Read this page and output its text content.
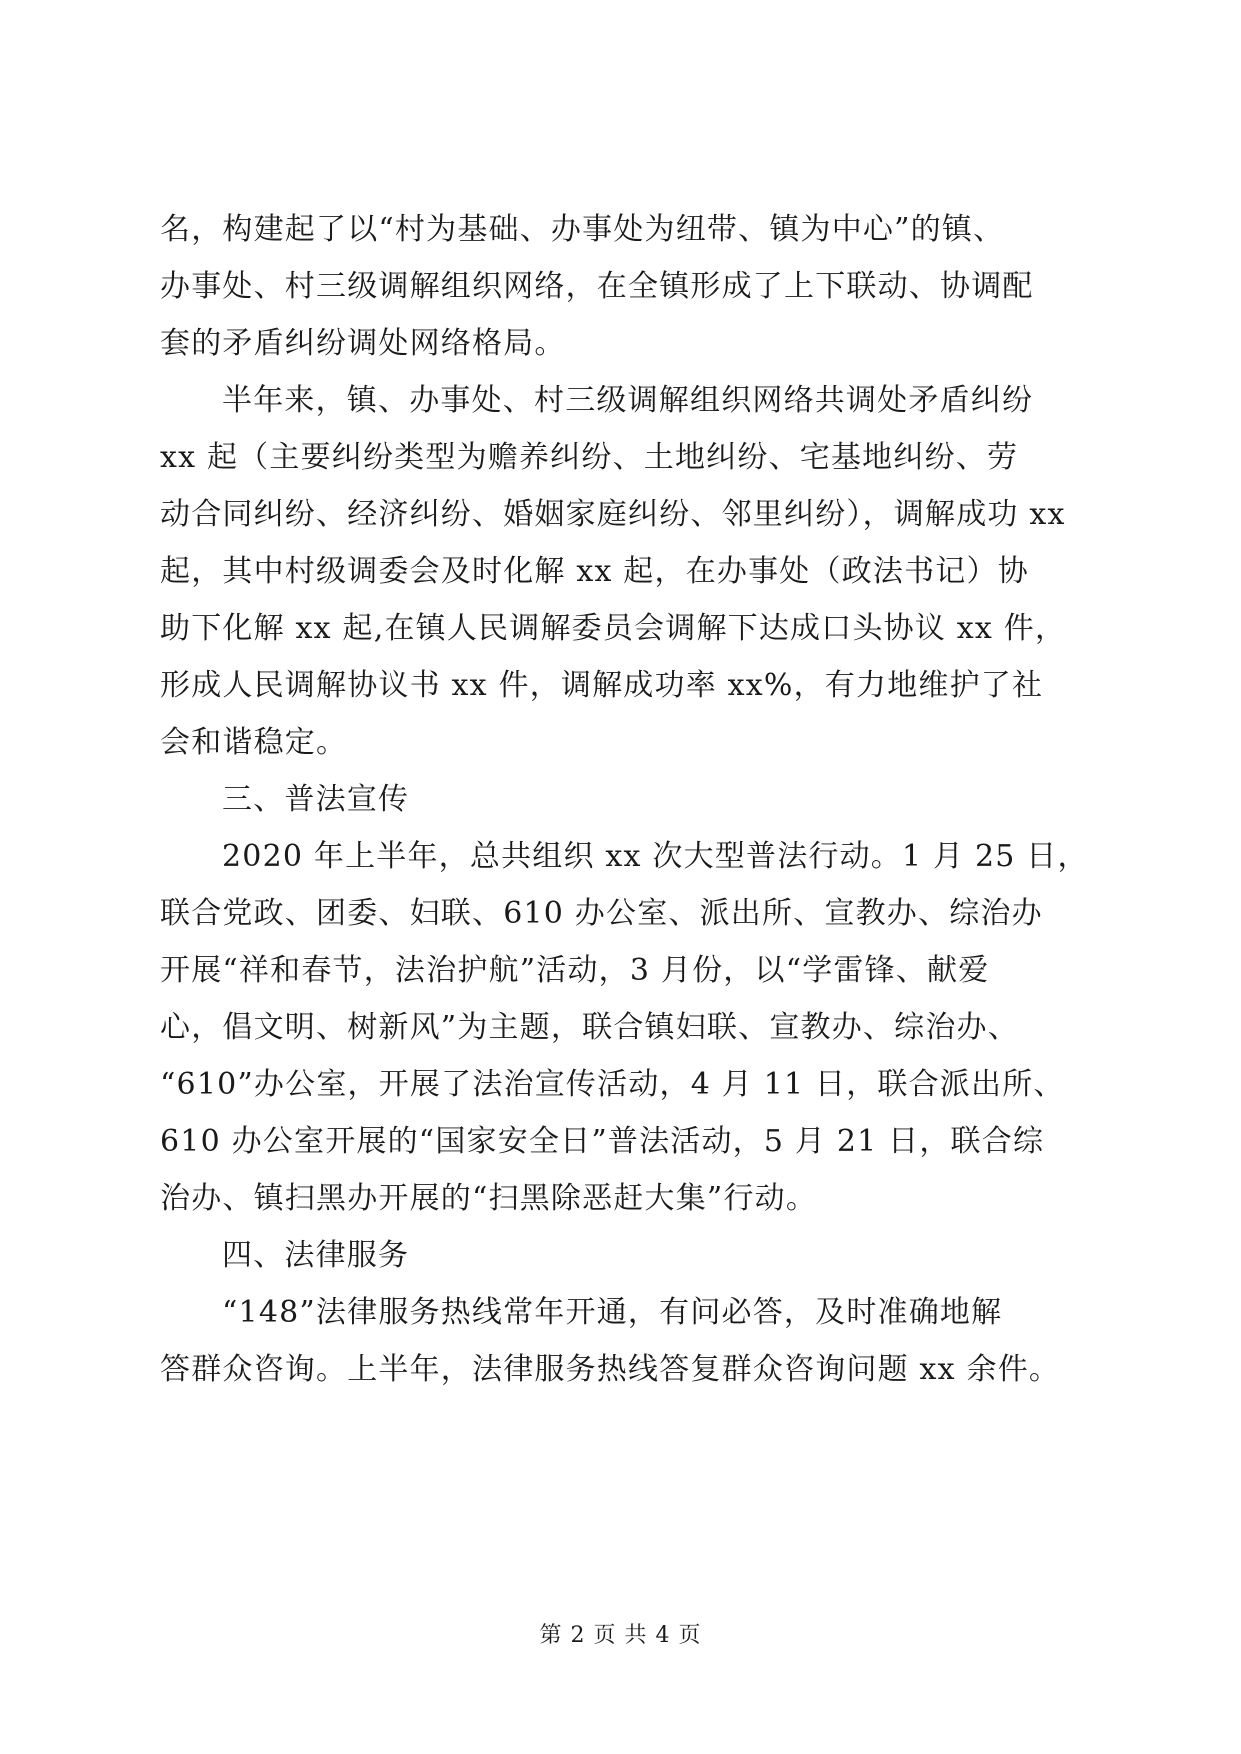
名，构建起了以“村为基础、办事处为纽带、镇为中心”的镇、
办事处、村三级调解组织网络，在全镇形成了上下联动、协调配
套的矛盾纠纷调处网络格局。
半年来，镇、办事处、村三级调解组织网络共调处矛盾纠纷
xx 起（主要纠纷类型为赡养纠纷、土地纠纷、宅基地纠纷、劳
动合同纠纷、经济纠纷、婚姻家庭纠纷、邻里纠纷），调解成功 xx
起，其中村级调委会及时化解 xx 起，在办事处（政法书记）协
助下化解 xx 起,在镇人民调解委员会调解下达成口头协议 xx 件，
形成人民调解协议书 xx 件，调解成功率 xx%，有力地维护了社
会和谐稳定。
三、普法宣传
2020 年上半年，总共组织 xx 次大型普法行动。1 月 25 日，
联合党政、团委、妇联、610 办公室、派出所、宣教办、综治办
开展“祥和春节，法治护航”活动，3 月份，以“学雷锋、献爱
心，倡文明、树新风”为主题，联合镇妇联、宣教办、综治办、
“610”办公室，开展了法治宣传活动，4 月 11 日，联合派出所、
610 办公室开展的“国家安全日”普法活动，5 月 21 日，联合综
治办、镇扫黑办开展的“扫黑除恶赶大集”行动。
四、法律服务
“148”法律服务热线常年开通，有问必答，及时准确地解
答群众咨询。上半年，法律服务热线答复群众咨询问题 xx 余件。
第 2 页 共 4 页
